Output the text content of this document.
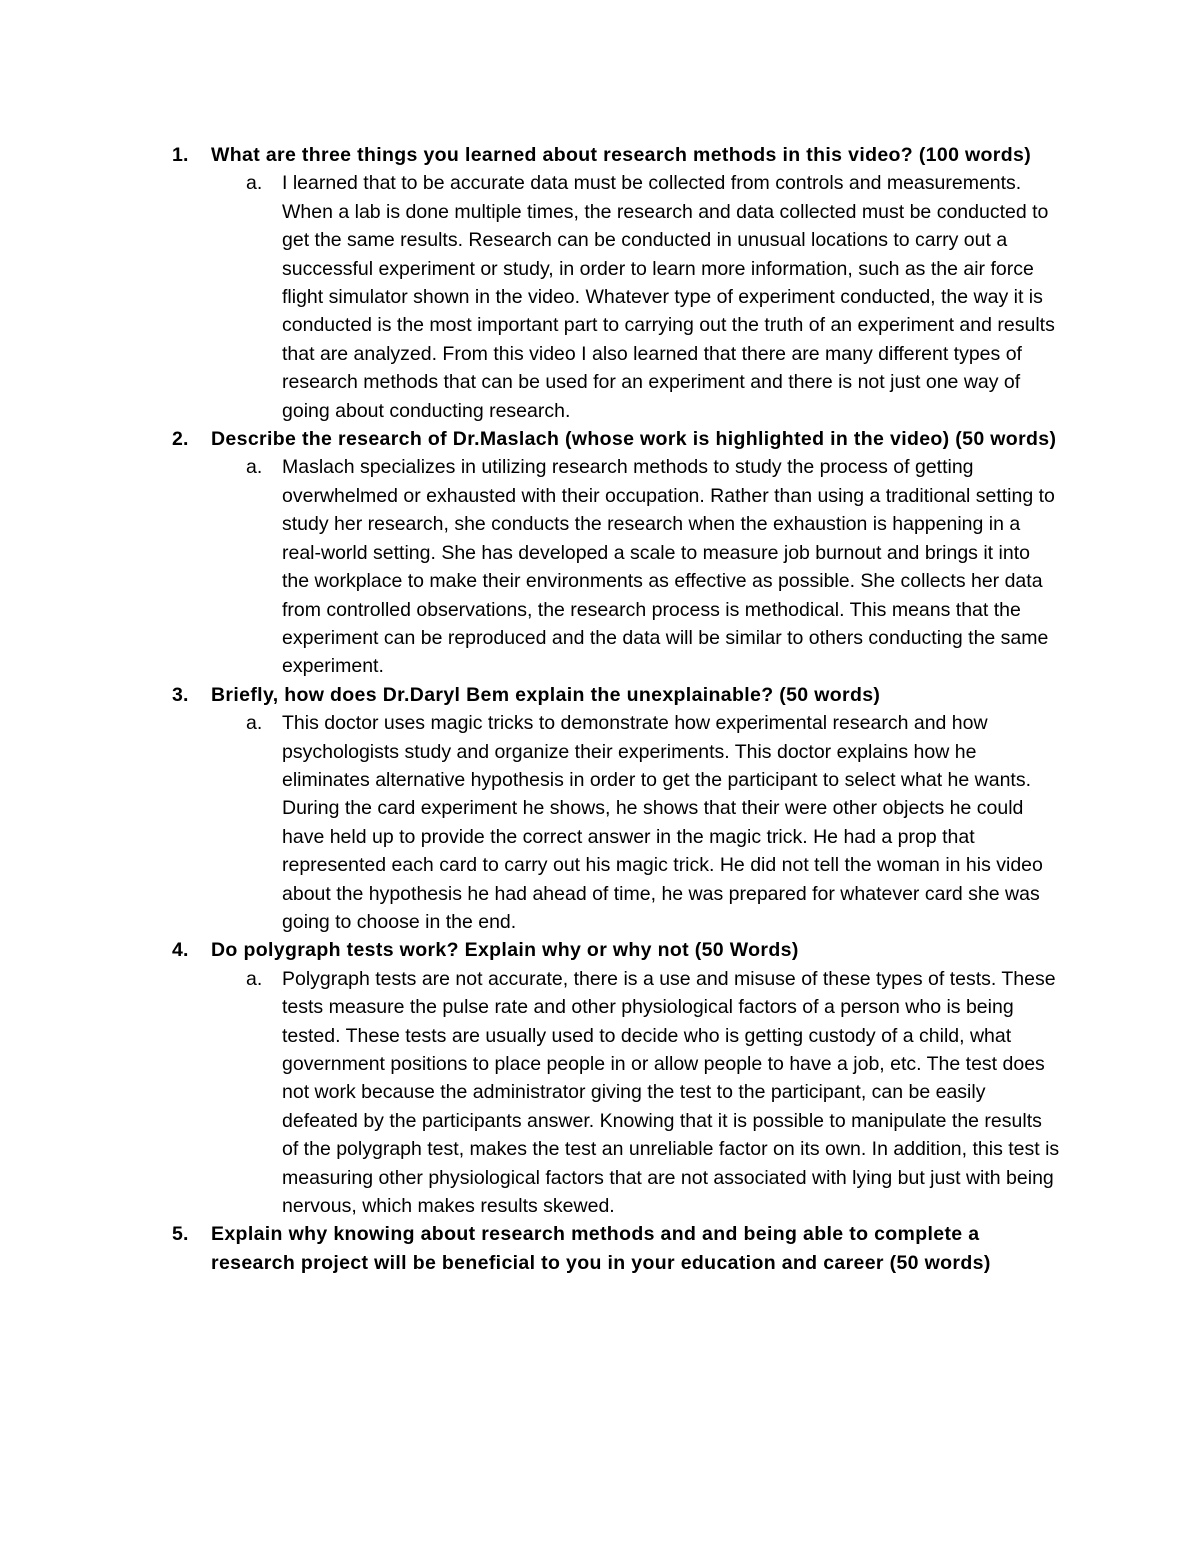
1.	What are three things you learned about research methods in this video? (100 words)

a.	I learned that to be accurate data must be collected from controls and measurements. When a lab is done multiple times, the research and data collected must be conducted to get the same results. Research can be conducted in unusual locations to carry out a successful experiment or study, in order to learn more information, such as the air force flight simulator shown in the video. Whatever type of experiment conducted, the way it is conducted is the most important part to carrying out the truth of an experiment and results that are analyzed. From this video I also learned that there are many different types of research methods that can be used for an experiment and there is not just one way of going about conducting research.

2.	Describe the research of Dr.Maslach (whose work is highlighted in the video) (50 words)

a.	Maslach specializes in utilizing research methods to study the process of getting overwhelmed or exhausted with their occupation. Rather than using a traditional setting to study her research, she conducts the research when the exhaustion is happening in a real-world setting. She has developed a scale to measure job burnout and brings it into the workplace to make their environments as effective as possible. She collects her data from controlled observations, the research process is methodical. This means that the experiment can be reproduced and the data will be similar to others conducting the same experiment.

3.	Briefly, how does Dr.Daryl Bem explain the unexplainable? (50 words)

a.	This doctor uses magic tricks to demonstrate how experimental research and how psychologists study and organize their experiments. This doctor explains how he eliminates alternative hypothesis in order to get the participant to select what he wants. During the card experiment he shows, he shows that their were other objects he could have held up to provide the correct answer in the magic trick. He had a prop that represented each card to carry out his magic trick. He did not tell the woman in his video about the hypothesis he had ahead of time, he was prepared for whatever card she was going to choose in the end.

4.	Do polygraph tests work? Explain why or why not (50 Words)

a.	Polygraph tests are not accurate, there is a use and misuse of these types of tests. These tests measure the pulse rate and other physiological factors of a person who is being tested. These tests are usually used to decide who is getting custody of a child, what government positions to place people in or allow people to have a job, etc. The test does not work because the administrator giving the test to the participant, can be easily defeated by the participants answer. Knowing that it is possible to manipulate the results of the polygraph test, makes the test an unreliable factor on its own. In addition, this test is measuring other physiological factors that are not associated with lying but just with being nervous, which makes results skewed.

5.	Explain why knowing about research methods and and being able to complete a research project will be beneficial to you in your education and career (50 words)
